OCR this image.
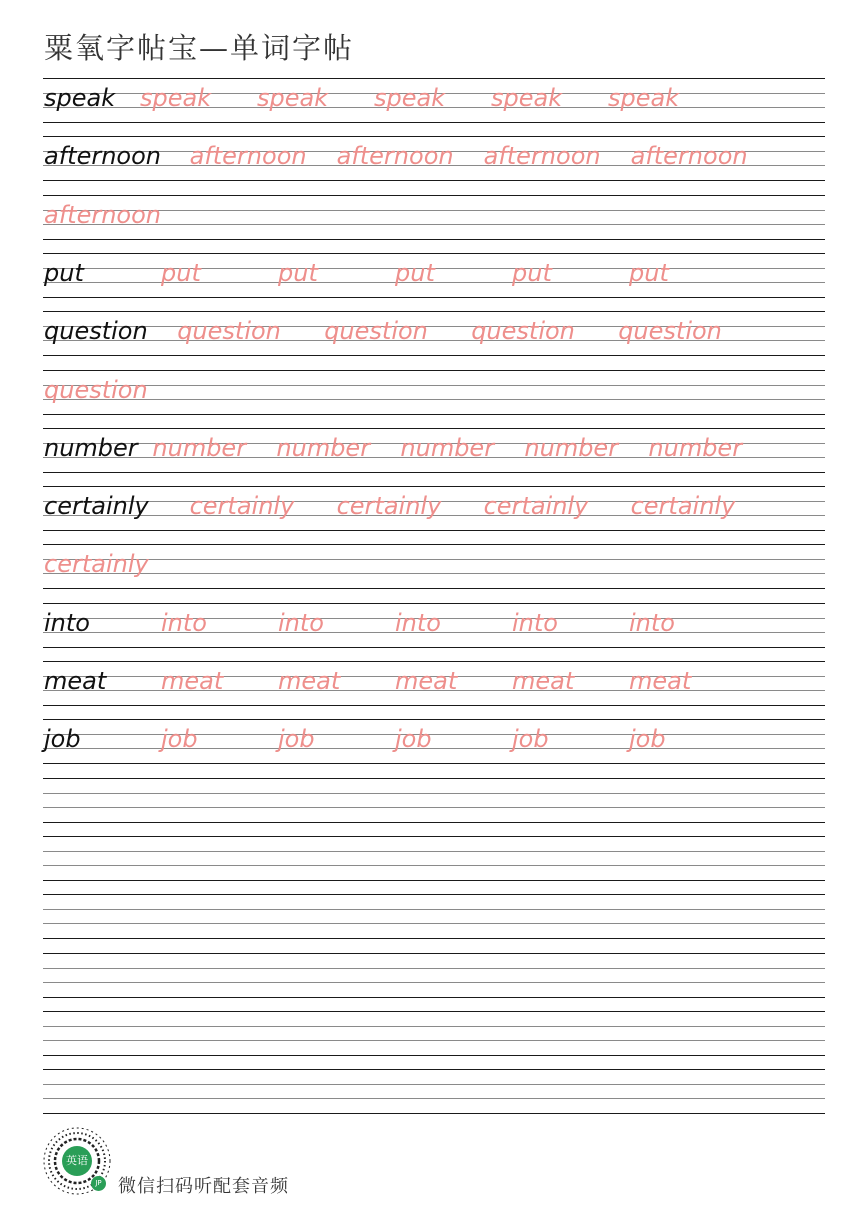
粟氧字帖宝—单词字帖
speak speak speak speak speak speak
afternoon afternoon afternoon afternoon afternoon
afternoon
put	put	put	put	put	put
question question question question question
question
number number number number number number
certainly certainly certainly certainly certainly
certainly
into	into	into	into	into	into
meat meat meat meat meat meat
job	job	job	job	job	job
英语
JP 微信扫码听配套音频
